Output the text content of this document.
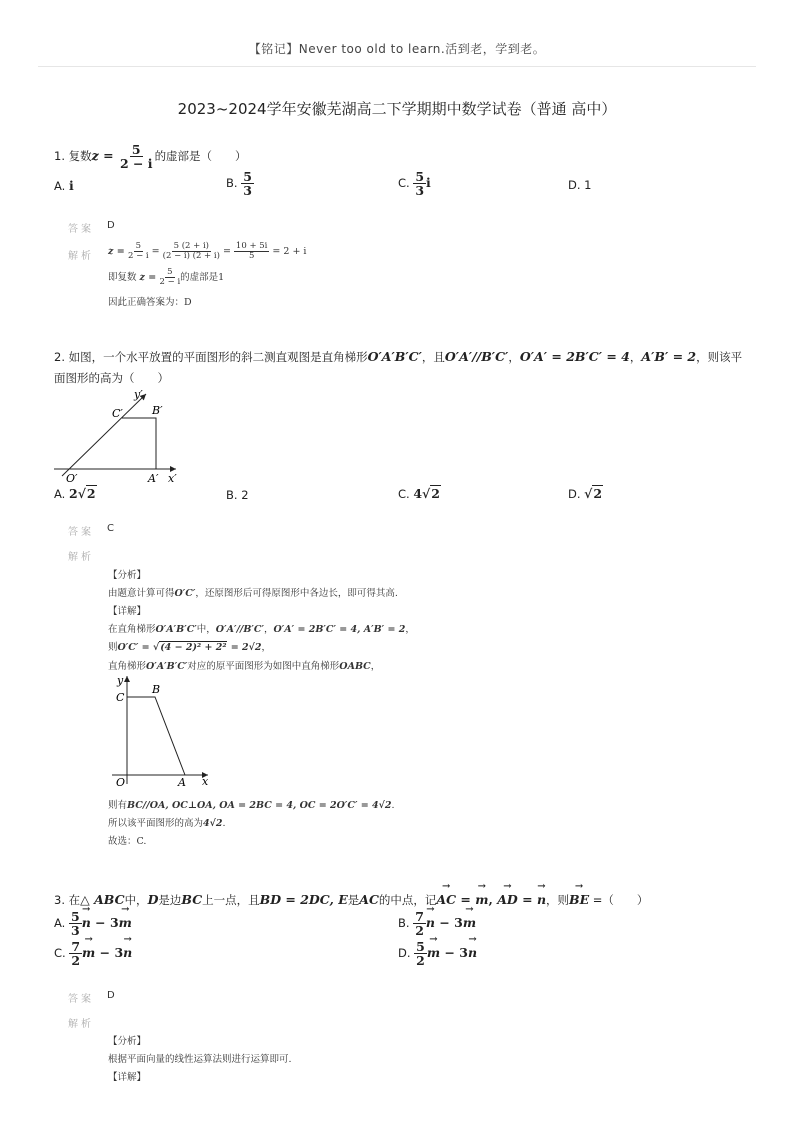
【铭记】Never too old to learn.活到老，学到老。
2023~2024学年安徽芜湖高二下学期期中数学试卷（普通 高中）
1. 复数$z = \frac{5}{2 - i}$ 的虚部是（　　）
A. i	B. $\frac{5}{3}$	C. $\frac{5}{3}$ i	D. 1
答案 D
解析 $z = \frac{5}{2 - i} = \frac{5 (2 + i)}{(2 - i) (2 + i)} = \frac{10 + 5i}{5} = 2 + i$
即复数 $z = \frac{5}{2 - i}$ 的虚部是1
因此正确答案为：D
2. 如图，一个水平放置的平面图形的斜二测直观图是直角梯形O′A′B′C′，且O′A′//B′C′，O′A′ = 2B′C′ = 4，A′B′ = 2，则该平
面图形的高为（　　）
y′
x′
O′	A′
B′
C′
A. 2√2	B. 2	C. 4√2	D. √2
答案 C
解析
【分析】
由题意计算可得O′C′，还原图形后可得原图形中各边长，即可得其高.
【详解】
在直角梯形O′A′B′C′中，O′A′//B′C′，O′A′ = 2B′C′ = 4, A′B′ = 2，
则O′C′ = √(4 − 2)² + 2² = 2√2，
直角梯形O′A′B′C′对应的原平面图形为如图中直角梯形OABC，
y
x
O	A
B
C
则有BC//OA, OC⊥OA, OA = 2BC = 4, OC = 2O′C′ = 4√2.
所以该平面图形的高为4√2.
故选：C.
3. 在△ ABC中，D是边BC上一点，且BD = 2DC, E是AC的中点，记→ AC = → m, → AD = → n，则→ BE =（　　）
A. $\frac{5}{3}$
→ n − 3→ m	B. $\frac{7}{2}$
→ n − 3→ m
C. $\frac{7}{2}$
→ m − 3→ n	D. $\frac{5}{2}$
→ m − 3→ n
答案 D
解析
【分析】
根据平面向量的线性运算法则进行运算即可.
【详解】
